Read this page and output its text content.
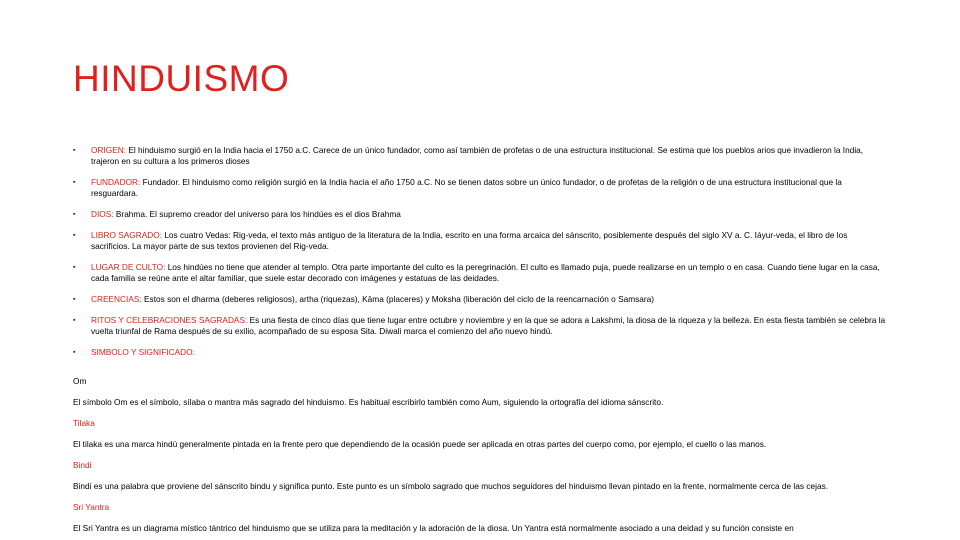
HINDUISMO
▪ ORIGEN: El hinduismo surgió en la India hacia el 1750 a.C. Carece de un único fundador, como así también de profetas o de una estructura institucional. Se estima que los pueblos arios que invadieron la India, trajeron en su cultura a los primeros dioses
▪ FUNDADOR: Fundador. El hinduismo como religión surgió en la India hacia el año 1750 a.C. No se tienen datos sobre un único fundador, o de profetas de la religión o de una estructura institucional que la resguardara.
▪ DIOS: Brahma. El supremo creador del universo para los hindúes es el dios Brahma
▪ LIBRO SAGRADO: Los cuatro Vedas: Rig-veda, el texto más antiguo de la literatura de la India, escrito en una forma arcaica del sánscrito, posiblemente después del siglo XV a. C. Iáyur-veda, el libro de los sacrificios. La mayor parte de sus textos provienen del Rig-veda.
▪ LUGAR DE CULTO: Los hindúes no tiene que atender al templo. Otra parte importante del culto es la peregrinación. El culto es llamado puja, puede realizarse en un templo o en casa. Cuando tiene lugar en la casa, cada familia se reúne ante el altar familiar, que suele estar decorado con imágenes y estatuas de las deidades.
▪ CREENCIAS: Estos son el dharma (deberes religiosos), artha (riquezas), Kāma (placeres) y Moksha (liberación del ciclo de la reencarnación o Samsara)
▪ RITOS Y CELEBRACIONES SAGRADAS: Es una fiesta de cinco días que tiene lugar entre octubre y noviembre y en la que se adora a Lakshmi, la diosa de la riqueza y la belleza. En esta fiesta también se celebra la vuelta triunfal de Rama después de su exilio, acompañado de su esposa Sita. Diwali marca el comienzo del año nuevo hindú.
▪ SIMBOLO Y SIGNIFICADO:

Om

El símbolo Om es el símbolo, sílaba o mantra más sagrado del hinduismo. Es habitual escribirlo también como Aum, siguiendo la ortografía del idioma sánscrito.

Tilaka

El tilaka es una marca hindú generalmente pintada en la frente pero que dependiendo de la ocasión puede ser aplicada en otras partes del cuerpo como, por ejemplo, el cuello o las manos.

Bindi

Bindi es una palabra que proviene del sánscrito bindu y significa punto. Este punto es un símbolo sagrado que muchos seguidores del hinduismo llevan pintado en la frente, normalmente cerca de las cejas.

Sri Yantra

El Sri Yantra es un diagrama místico tántrico del hinduismo que se utiliza para la meditación y la adoración de la diosa. Un Yantra está normalmente asociado a una deidad y su función consiste en
